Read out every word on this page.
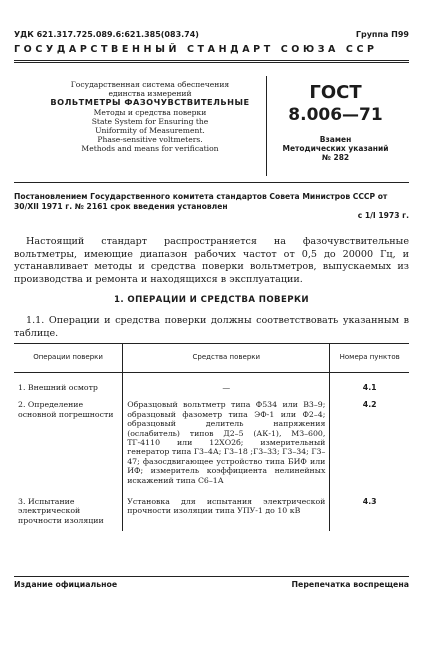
УДК 621.317.725.089.6:621.385(083.74)	Группа П99
ГОСУДАРСТВЕННЫЙ СТАНДАРТ СОЮЗА ССР
Государственная система обеспечения
единства измерений
ВОЛЬТМЕТРЫ ФАЗОЧУВСТВИТЕЛЬНЫЕ
Методы и средства поверки
State System for Ensuring the
Uniformity of Measurement.
Phase-sensitive voltmeters.
Methods and means for verification
ГОСТ
8.006—71
Взамен
Методических указаний
№ 282
Постановлением Государственного комитета стандартов Совета Министров СССР от 30/XII 1971 г. № 2161 срок введения установлен
с 1/I 1973 г.
Настоящий стандарт распространяется на фазочувствительные вольтметры, имеющие диапазон рабочих частот от 0,5 до 20000 Гц, и устанавливает методы и средства поверки вольтметров, выпускаемых из производства и ремонта и находящихся в эксплуатации.
1. ОПЕРАЦИИ И СРЕДСТВА ПОВЕРКИ
1.1. Операции и средства поверки должны соответствовать указанным в таблице.
Операции поверки	Средства поверки	Номера пунктов
1. Внешний осмотр	—	4.1
2. Определение основной погрешности	Образцовый вольтметр типа Ф534 или В3–9; образцовый фазометр типа ЭФ-1 или Ф2–4; образцовый делитель напряжения (ослабитель) типов Д2–5 (АК-1), МЗ–600, ТГ-4110 или 12ХО2б; измерительный генератор типа Г3–4А; Г3–18 ;Г3–33; Г3–34; Г3–47; фазосдвигающее устройство типа БИФ или ИФ; измеритель коэффициента нелинейных искажений типа С6–1А	4.2
3. Испытание электрической прочности изоляции	Установка для испытания электрической прочности изоляции типа УПУ-1 до 10 кВ	4.3
Издание официальное	Перепечатка воспрещена
